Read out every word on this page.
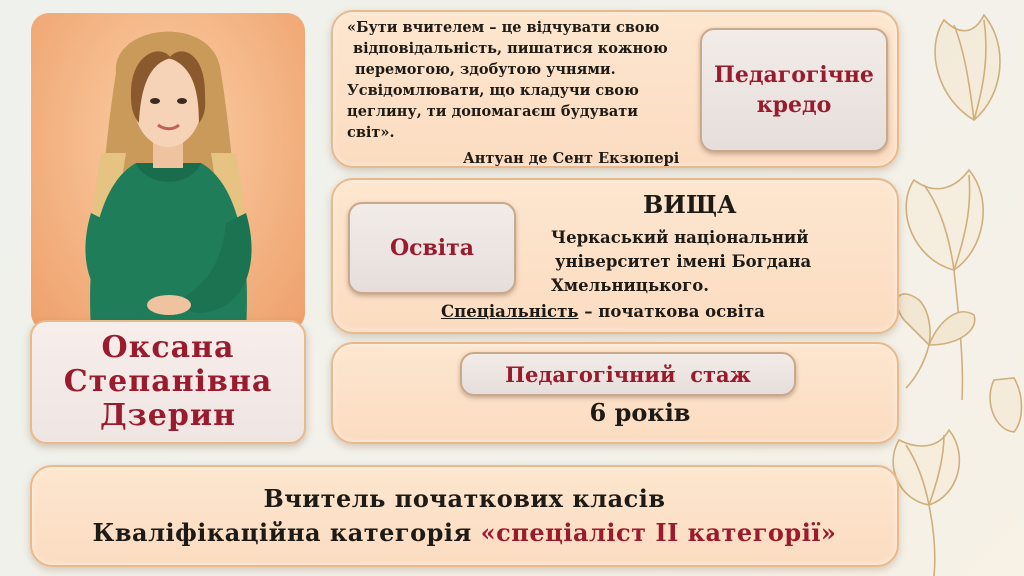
Оксана
Степанівна
Дзерин
«Бути вчителем – це відчувати свою
відповідальність, пишатися кожною
перемогою, здобутою учнями.
Усвідомлювати, що кладучи свою
цеглину, ти допомагаєш будувати
світ».
Антуан де Сент Екзюпері
Педагогічне кредо
ВИЩА
Черкаський національний
університет імені Богдана
Хмельницького.
Спеціальність – початкова освіта
Освіта
6 років
Педагогічний  стаж
Вчитель початкових класів
Кваліфікаційна категорія «спеціаліст ІІ категорії»
